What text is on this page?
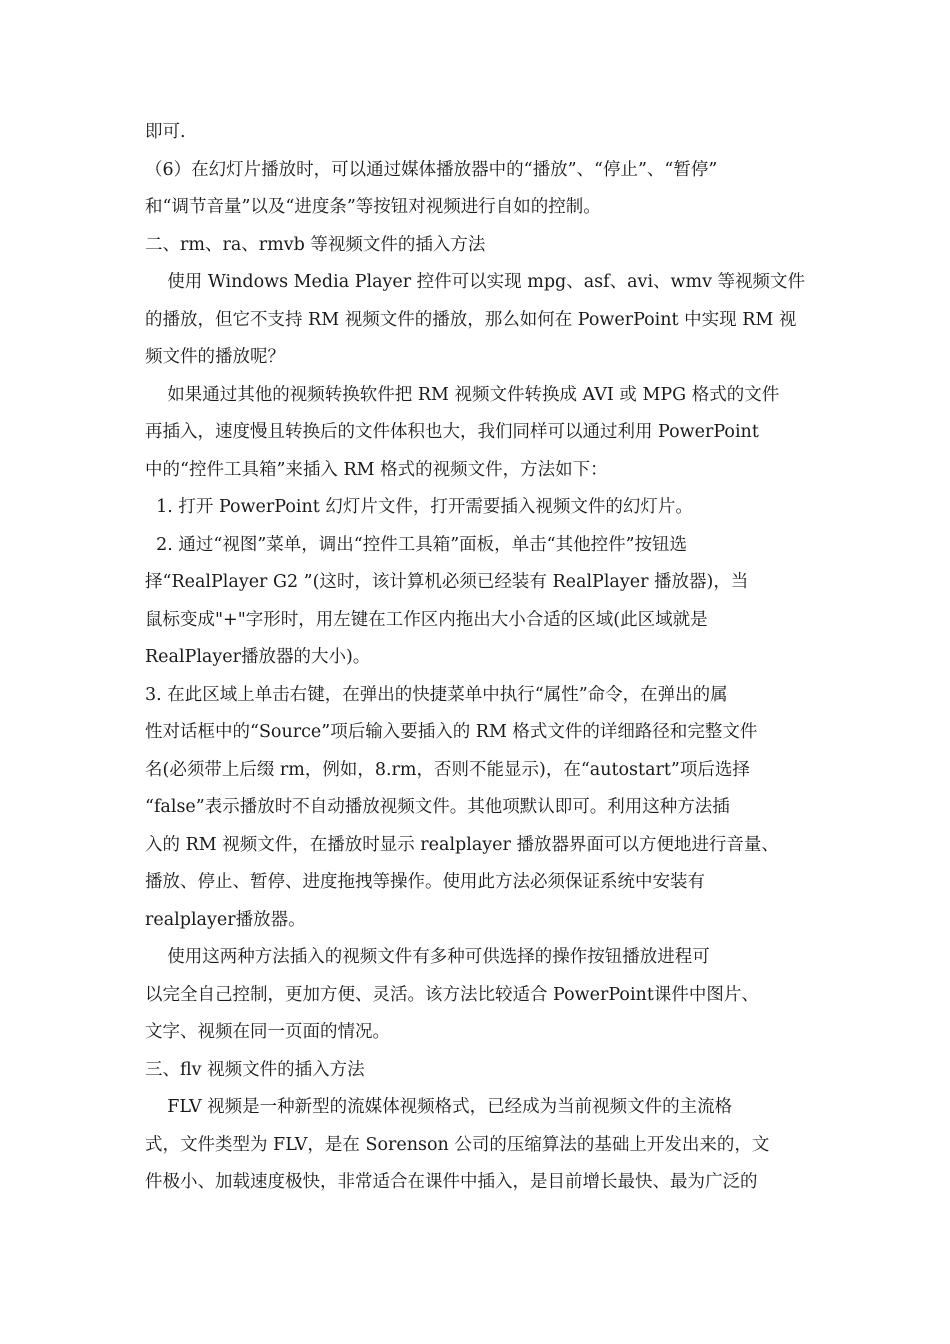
即可.
（6）在幻灯片播放时，可以通过媒体播放器中的“播放”、“停止”、“暂停”
和“调节音量”以及“进度条”等按钮对视频进行自如的控制。
二、rm、ra、rmvb 等视频文件的插入方法
使用 Windows Media Player 控件可以实现 mpg、asf、avi、wmv 等视频文件
的播放，但它不支持 RM 视频文件的播放，那么如何在 PowerPoint 中实现 RM 视
频文件的播放呢？
如果通过其他的视频转换软件把 RM 视频文件转换成 AVI 或 MPG 格式的文件
再插入，速度慢且转换后的文件体积也大，我们同样可以通过利用 PowerPoint
中的“控件工具箱”来插入 RM 格式的视频文件，方法如下：
1. 打开 PowerPoint 幻灯片文件，打开需要插入视频文件的幻灯片。
2. 通过“视图”菜单，调出“控件工具箱”面板，单击“其他控件”按钮选
择“RealPlayer G2 ”(这时，该计算机必须已经装有 RealPlayer 播放器)，当
鼠标变成"+"字形时，用左键在工作区内拖出大小合适的区域(此区域就是
RealPlayer播放器的大小)。
3. 在此区域上单击右键，在弹出的快捷菜单中执行“属性”命令，在弹出的属
性对话框中的“Source”项后输入要插入的 RM 格式文件的详细路径和完整文件
名(必须带上后缀 rm，例如，8.rm，否则不能显示)，在“autostart”项后选择
“false”表示播放时不自动播放视频文件。其他项默认即可。利用这种方法插
入的 RM 视频文件，在播放时显示 realplayer 播放器界面可以方便地进行音量、
播放、停止、暂停、进度拖拽等操作。使用此方法必须保证系统中安装有
realplayer播放器。
使用这两种方法插入的视频文件有多种可供选择的操作按钮播放进程可
以完全自己控制，更加方便、灵活。该方法比较适合 PowerPoint课件中图片、
文字、视频在同一页面的情况。
三、flv 视频文件的插入方法
FLV 视频是一种新型的流媒体视频格式，已经成为当前视频文件的主流格
式，文件类型为 FLV，是在 Sorenson 公司的压缩算法的基础上开发出来的，文
件极小、加载速度极快，非常适合在课件中插入，是目前增长最快、最为广泛的
